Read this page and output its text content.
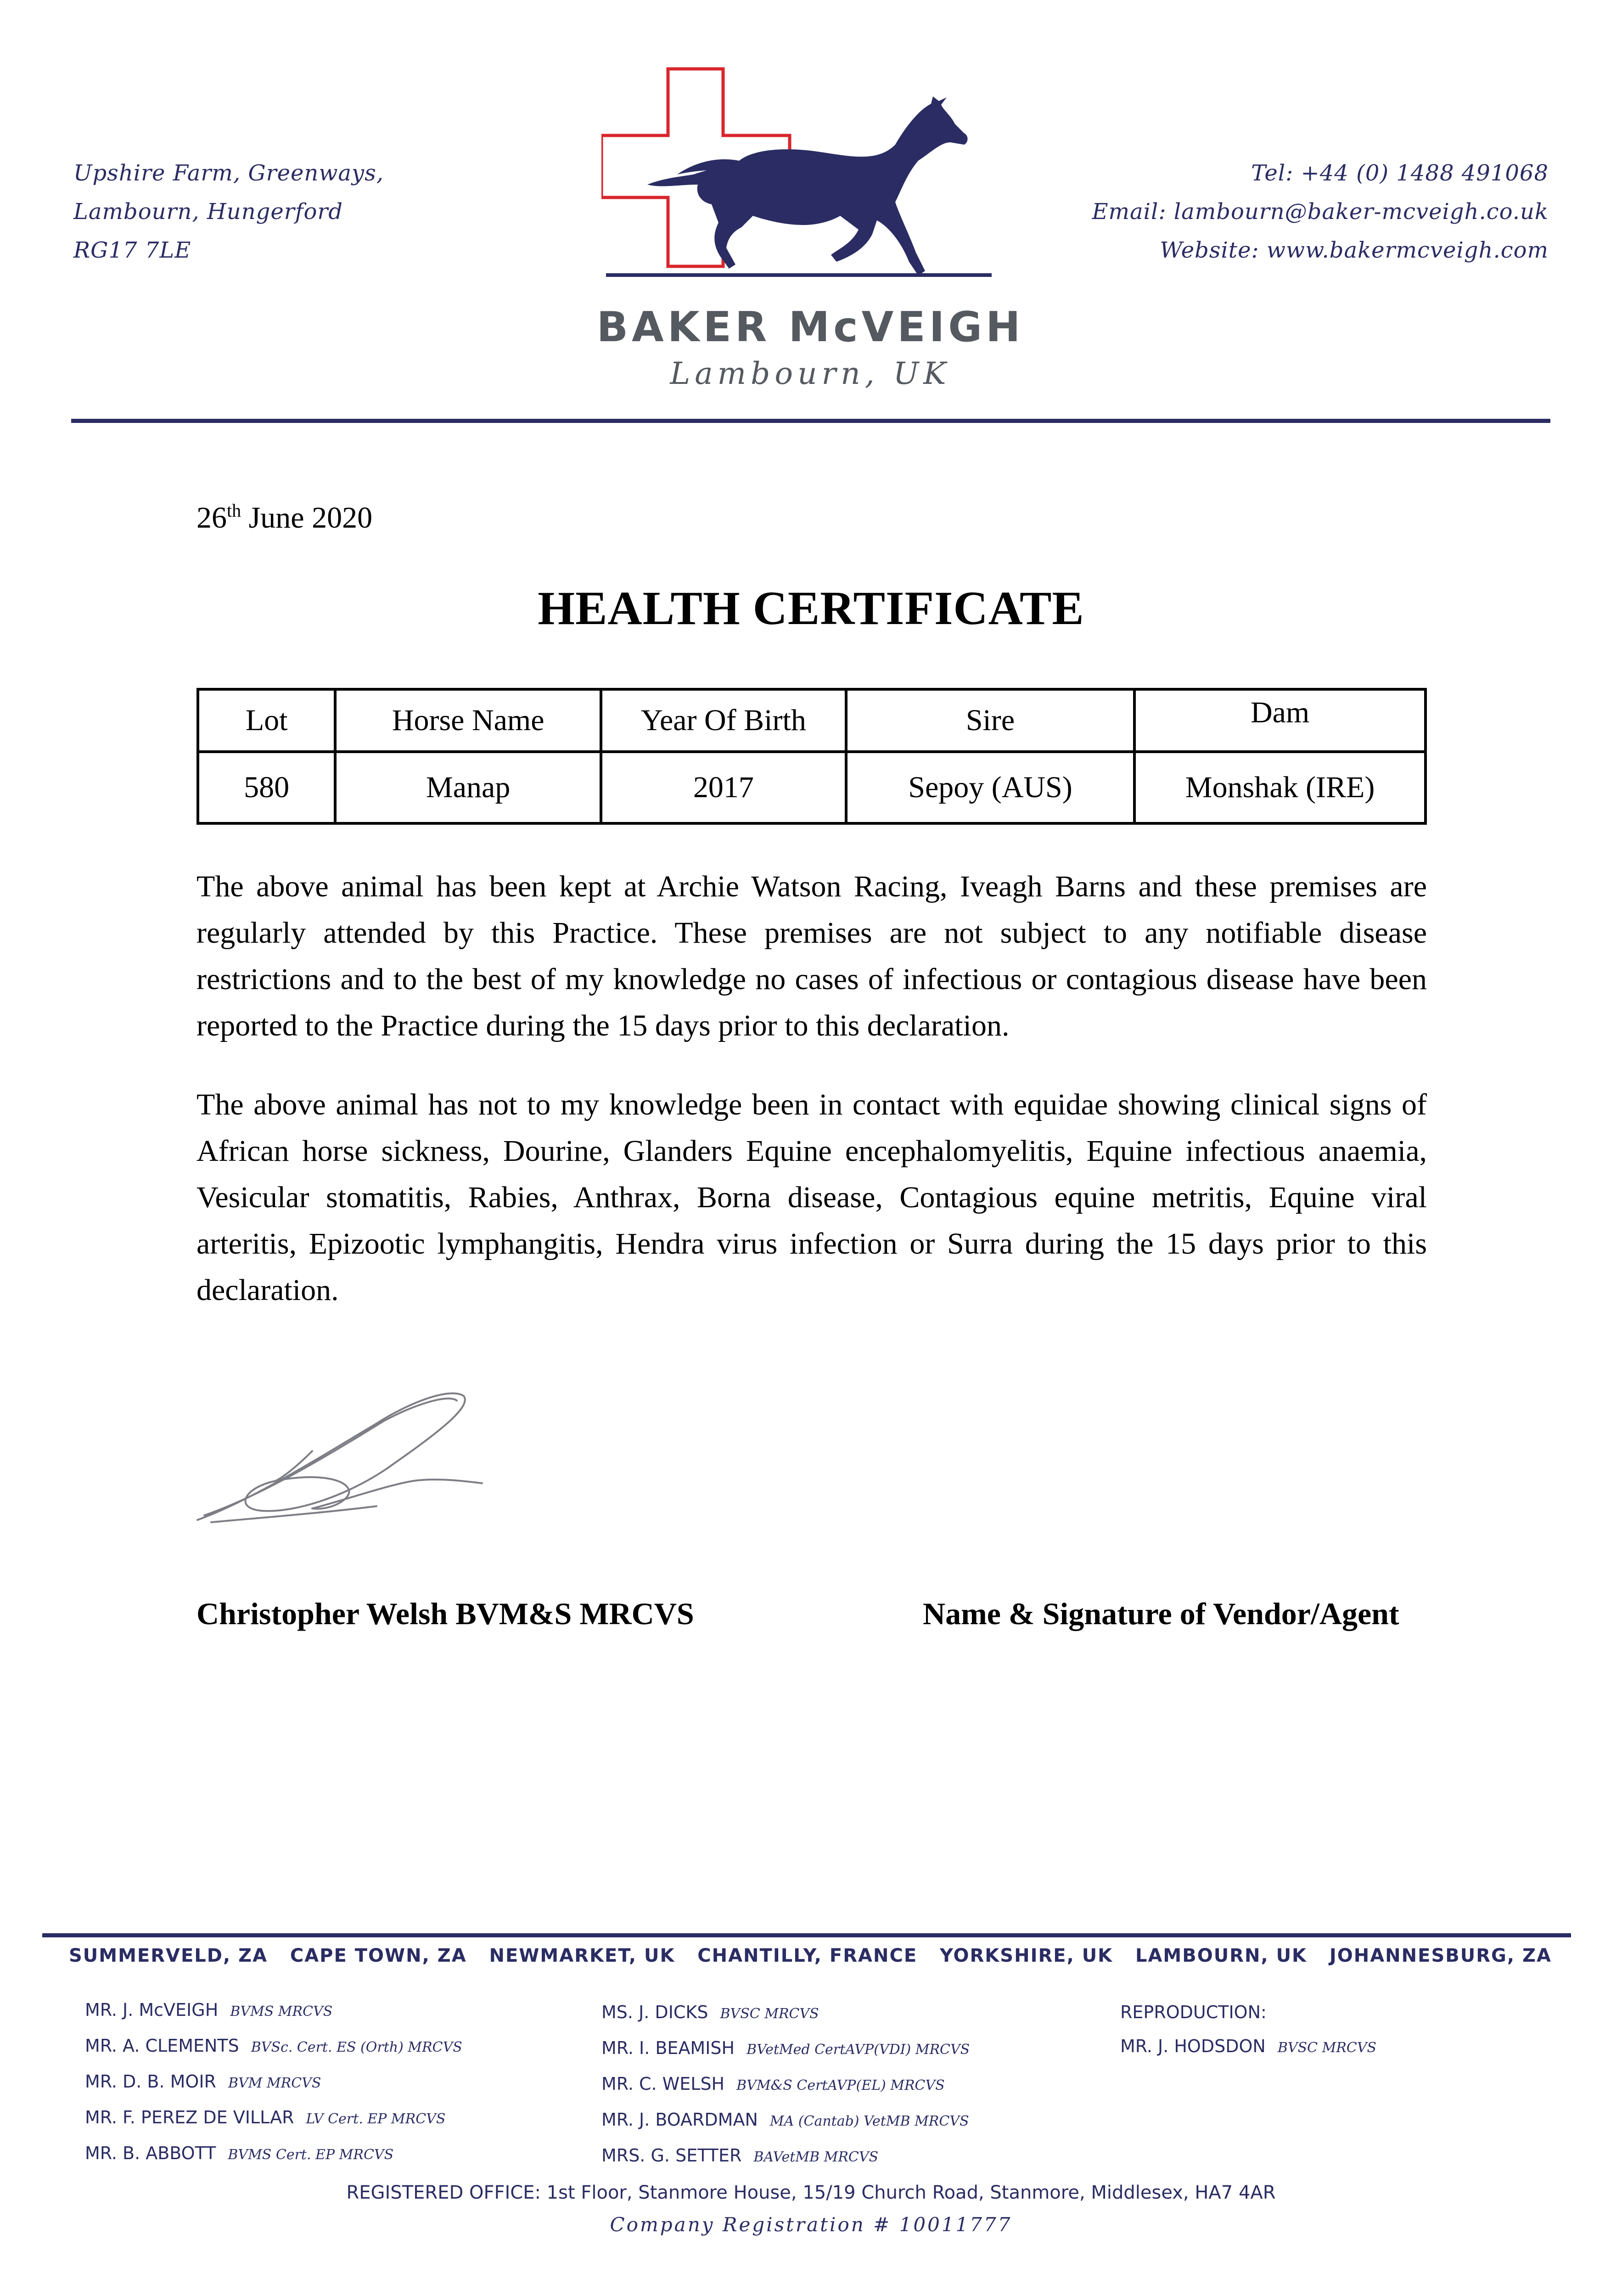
Upshire Farm, Greenways,
Lambourn, Hungerford
RG17 7LE
BAKER McVEIGH
Lambourn, UK
Tel: +44 (0) 1488 491068
Email: lambourn@baker-mcveigh.co.uk
Website: www.bakermcveigh.com
26th June 2020
HEALTH CERTIFICATE
Lot	Horse Name	Year Of Birth	Sire	Dam
580	Manap	2017	Sepoy (AUS)	Monshak (IRE)
The above animal has been kept at Archie Watson Racing, Iveagh Barns and these premises are regularly attended by this Practice. These premises are not subject to any notifiable disease restrictions and to the best of my knowledge no cases of infectious or contagious disease have been reported to the Practice during the 15 days prior to this declaration.
The above animal has not to my knowledge been in contact with equidae showing clinical signs of African horse sickness, Dourine, Glanders Equine encephalomyelitis, Equine infectious anaemia, Vesicular stomatitis, Rabies, Anthrax, Borna disease, Contagious equine metritis, Equine viral arteritis, Epizootic lymphangitis, Hendra virus infection or Surra during the 15 days prior to this declaration.
Christopher Welsh BVM&S MRCVS	Name & Signature of Vendor/Agent
SUMMERVELD, ZA CAPE TOWN, ZA NEWMARKET, UK CHANTILLY, FRANCE YORKSHIRE, UK LAMBOURN, UK JOHANNESBURG, ZA
MR. J. McVEIGH BVMS MRCVS
MR. A. CLEMENTS BVSc. Cert. ES (Orth) MRCVS
MR. D. B. MOIR BVM MRCVS
MR. F. PEREZ DE VILLAR LV Cert. EP MRCVS
MR. B. ABBOTT BVMS Cert. EP MRCVS
MS. J. DICKS BVSC MRCVS
MR. I. BEAMISH BVetMed CertAVP(VDI) MRCVS
MR. C. WELSH BVM&S CertAVP(EL) MRCVS
MR. J. BOARDMAN MA (Cantab) VetMB MRCVS
MRS. G. SETTER BAVetMB MRCVS
REPRODUCTION:
MR. J. HODSDON BVSC MRCVS
REGISTERED OFFICE: 1st Floor, Stanmore House, 15/19 Church Road, Stanmore, Middlesex, HA7 4AR
Company Registration # 10011777
